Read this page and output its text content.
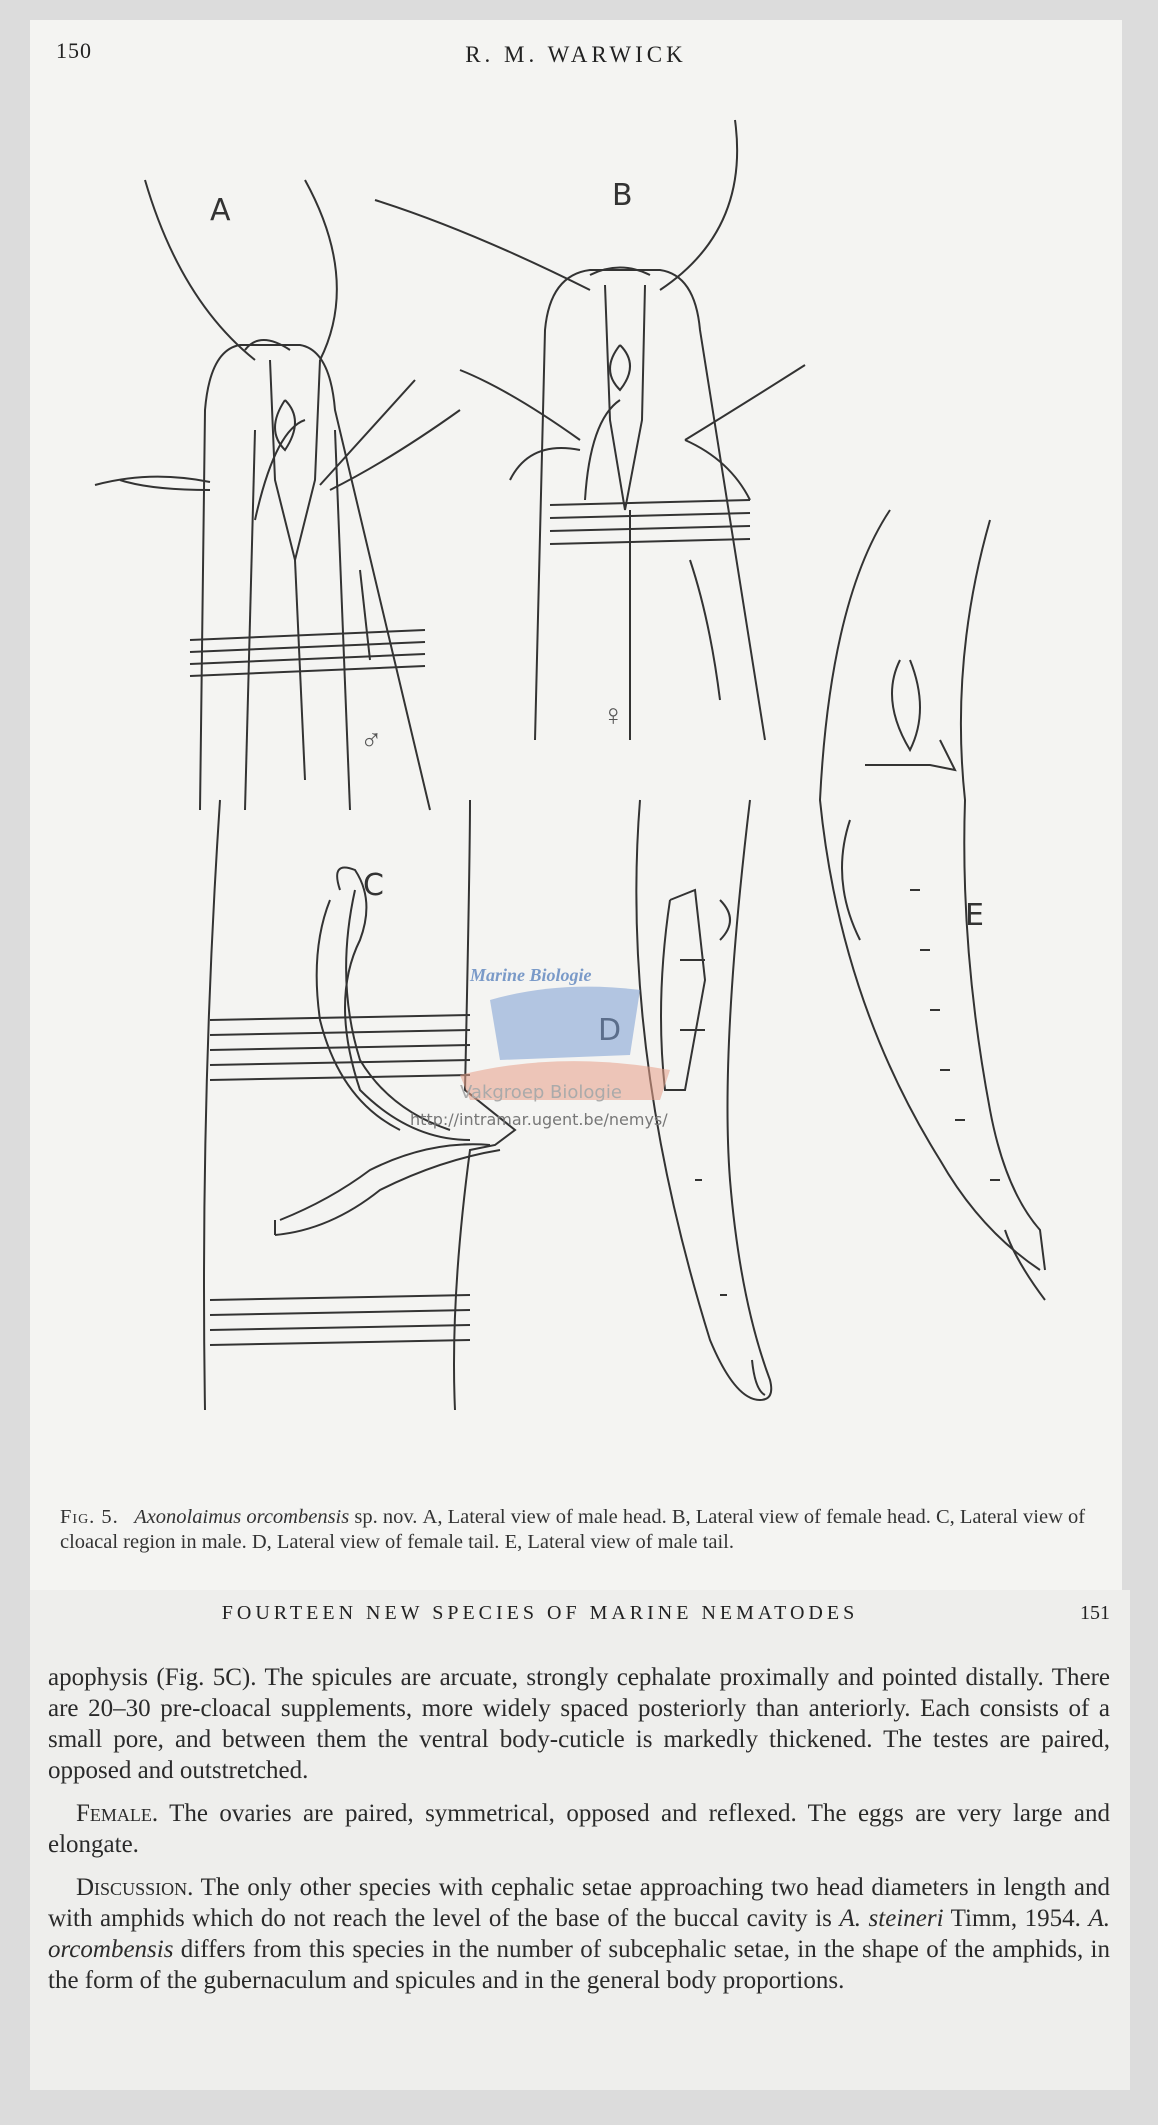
150	R. M. WARWICK
A	B
C
E
♂
♀
Fig. 5. Axonolaimus orcombensis sp. nov. A, Lateral view of male head. B, Lateral view of female head. C, Lateral view of cloacal region in male. D, Lateral view of female tail. E, Lateral view of male tail.
Marine Biologie
Vakgroep Biologie
http://intramar.ugent.be/nemys/
FOURTEEN NEW SPECIES OF MARINE NEMATODES	151

apophysis (Fig. 5C). The spicules are arcuate, strongly cephalate proximally and pointed distally. There are 20–30 pre-cloacal supplements, more widely spaced posteriorly than anteriorly. Each consists of a small pore, and between them the ventral body-cuticle is markedly thickened. The testes are paired, opposed and outstretched.

Female. The ovaries are paired, symmetrical, opposed and reflexed. The eggs are very large and elongate.

Discussion. The only other species with cephalic setae approaching two head diameters in length and with amphids which do not reach the level of the base of the buccal cavity is A. steineri Timm, 1954. A. orcombensis differs from this species in the number of subcephalic setae, in the shape of the amphids, in the form of the gubernaculum and spicules and in the general body proportions.
